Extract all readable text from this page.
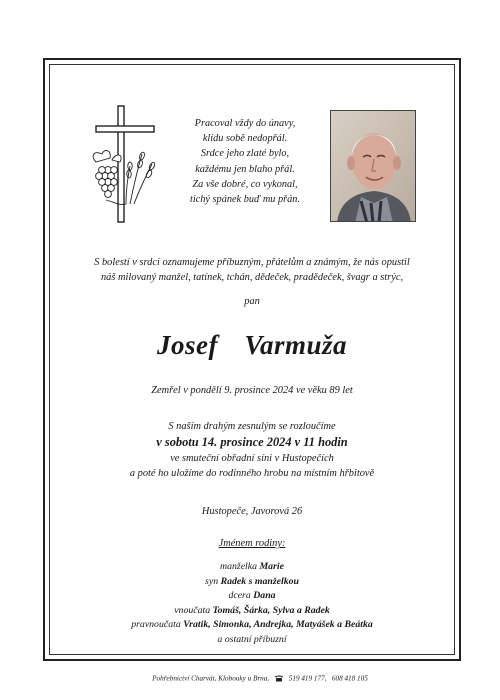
Pracoval vždy do únavy,
klidu sobě nedopřál.
Srdce jeho zlaté bylo,
každému jen blaho přál.
Za vše dobré, co vykonal,
tichý spánek buď mu přán.
S bolestí v srdci oznamujeme příbuzným, přátelům a známým, že nás opustil
náš milovaný manžel, tatínek, tchán, dědeček, pradědeček, švagr a strýc,
pan
Josef  Varmuža
Zemřel v pondělí 9. prosince 2024 ve věku 89 let
S naším drahým zesnulým se rozloučíme
v sobotu 14. prosince 2024 v 11 hodin
ve smuteční obřadní síni v Hustopečích
a poté ho uložíme do rodinného hrobu na místním hřbitově
Hustopeče, Javorová 26
Jménem rodiny:
manželka Marie
syn Radek s manželkou
dcera Dana
vnoučata Tomáš, Šárka, Sylva a Radek
pravnoučata Vratik, Simonka, Andrejka, Matyášek a Beátka
a ostatní příbuzní
Pohřebnictví Charvát, Klobouky u Brna,	519 419 177,   608 418 105
